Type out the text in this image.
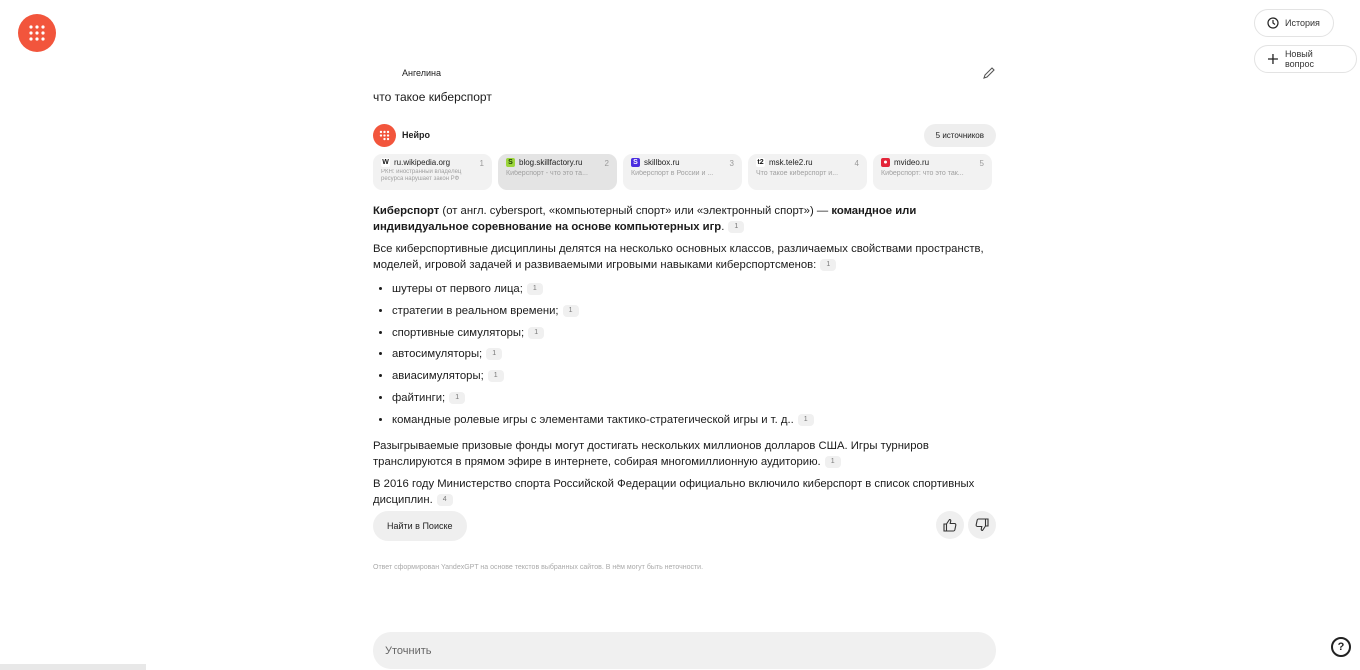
История
Новый вопрос
Ангелина
что такое киберспорт
Нейро	5 источников
W ru.wikipedia.org	1
РКН: иностранный владелец ресурса нарушает закон РФ
S blog.skillfactory.ru	2
Киберспорт - что это та...
S skillbox.ru	3
Киберспорт в России и ...
t2 msk.tele2.ru	4
Что такое киберспорт и...
● mvideo.ru	5
Киберспорт: что это так...

Киберспорт (от англ. cybersport, «компьютерный спорт» или «электронный спорт») — командное или индивидуальное соревнование на основе компьютерных игр. 1

Все киберспортивные дисциплины делятся на несколько основных классов, различаемых свойствами пространств, моделей, игровой задачей и развиваемыми игровыми навыками киберспортсменов: 1

• шутеры от первого лица; 1
• стратегии в реальном времени; 1
• спортивные симуляторы; 1
• автосимуляторы; 1
• авиасимуляторы; 1
• файтинги; 1
• командные ролевые игры с элементами тактико-стратегической игры и т. д.. 1

Разыгрываемые призовые фонды могут достигать нескольких миллионов долларов США. Игры турниров транслируются в прямом эфире в интернете, собирая многомиллионную аудиторию. 1

В 2016 году Министерство спорта Российской Федерации официально включило киберспорт в список спортивных дисциплин. 4

Найти в Поиске
Ответ сформирован YandexGPT на основе текстов выбранных сайтов. В нём могут быть неточности.
Уточнить	?
